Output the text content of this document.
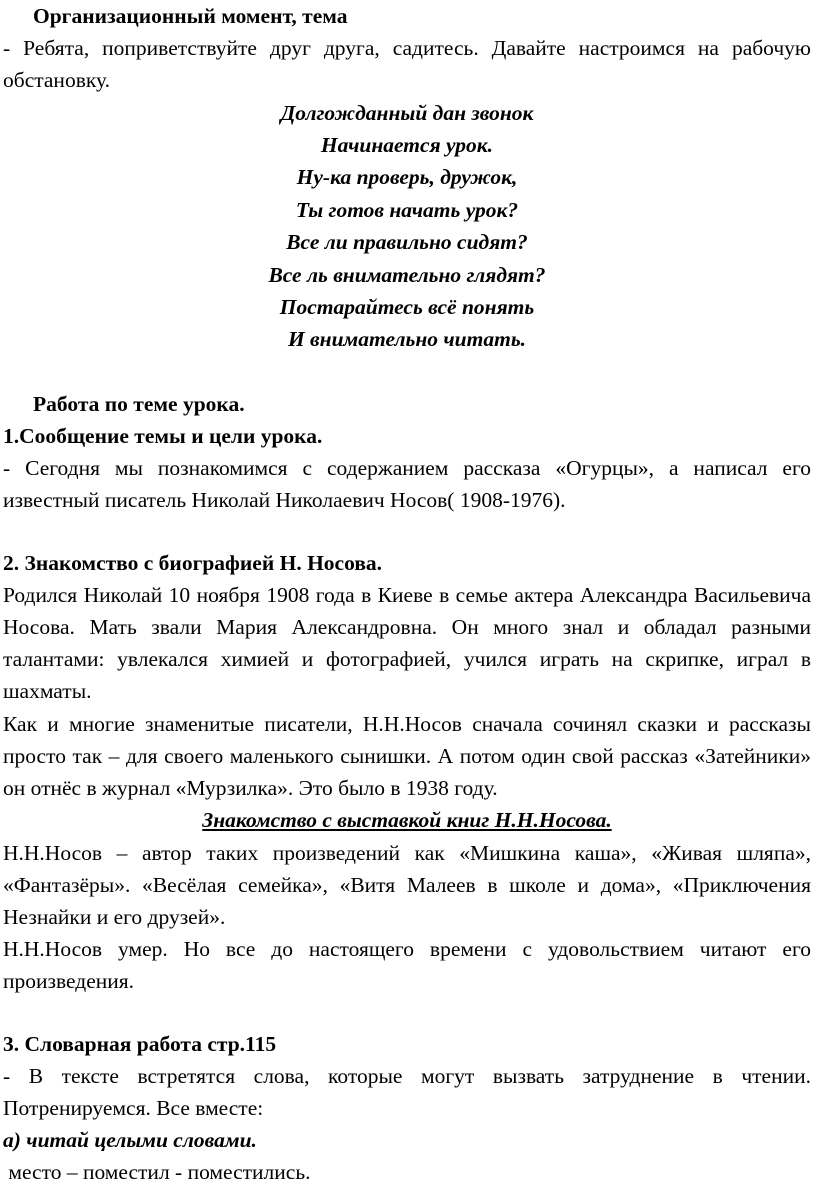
Организационный момент, тема

- Ребята, поприветствуйте друг друга, садитесь. Давайте настроимся на рабочую обстановку.

Долгожданный дан звонок

Начинается урок.

Ну-ка проверь, дружок,

Ты готов начать урок?

Все ли правильно сидят?

Все ль внимательно глядят?

Постарайтесь всё понять

И внимательно читать.

Работа по теме урока.

1.Сообщение темы и цели урока.

- Сегодня мы познакомимся с содержанием рассказа «Огурцы», а написал его известный писатель Николай Николаевич Носов( 1908-1976).

2. Знакомство с биографией Н. Носова.

Родился Николай 10 ноября 1908 года в Киеве в семье актера Александра Васильевича Носова. Мать звали Мария Александровна. Он много знал и обладал разными талантами: увлекался химией и фотографией, учился играть на скрипке, играл в шахматы.

Как и многие знаменитые писатели, Н.Н.Носов сначала сочинял сказки и рассказы просто так – для своего маленького сынишки. А потом один свой рассказ «Затейники» он отнёс в журнал «Мурзилка». Это было в 1938 году.

Знакомство с выставкой книг Н.Н.Носова.

Н.Н.Носов – автор таких произведений как «Мишкина каша», «Живая шляпа», «Фантазёры». «Весёлая семейка», «Витя Малеев в школе и дома», «Приключения Незнайки и его друзей».

Н.Н.Носов умер. Но все до настоящего времени с удовольствием читают его произведения.

3. Словарная работа стр.115

- В тексте встретятся слова, которые могут вызвать затруднение в чтении. Потренируемся. Все вместе:

а) читай целыми словами.

место – поместил - поместились.
